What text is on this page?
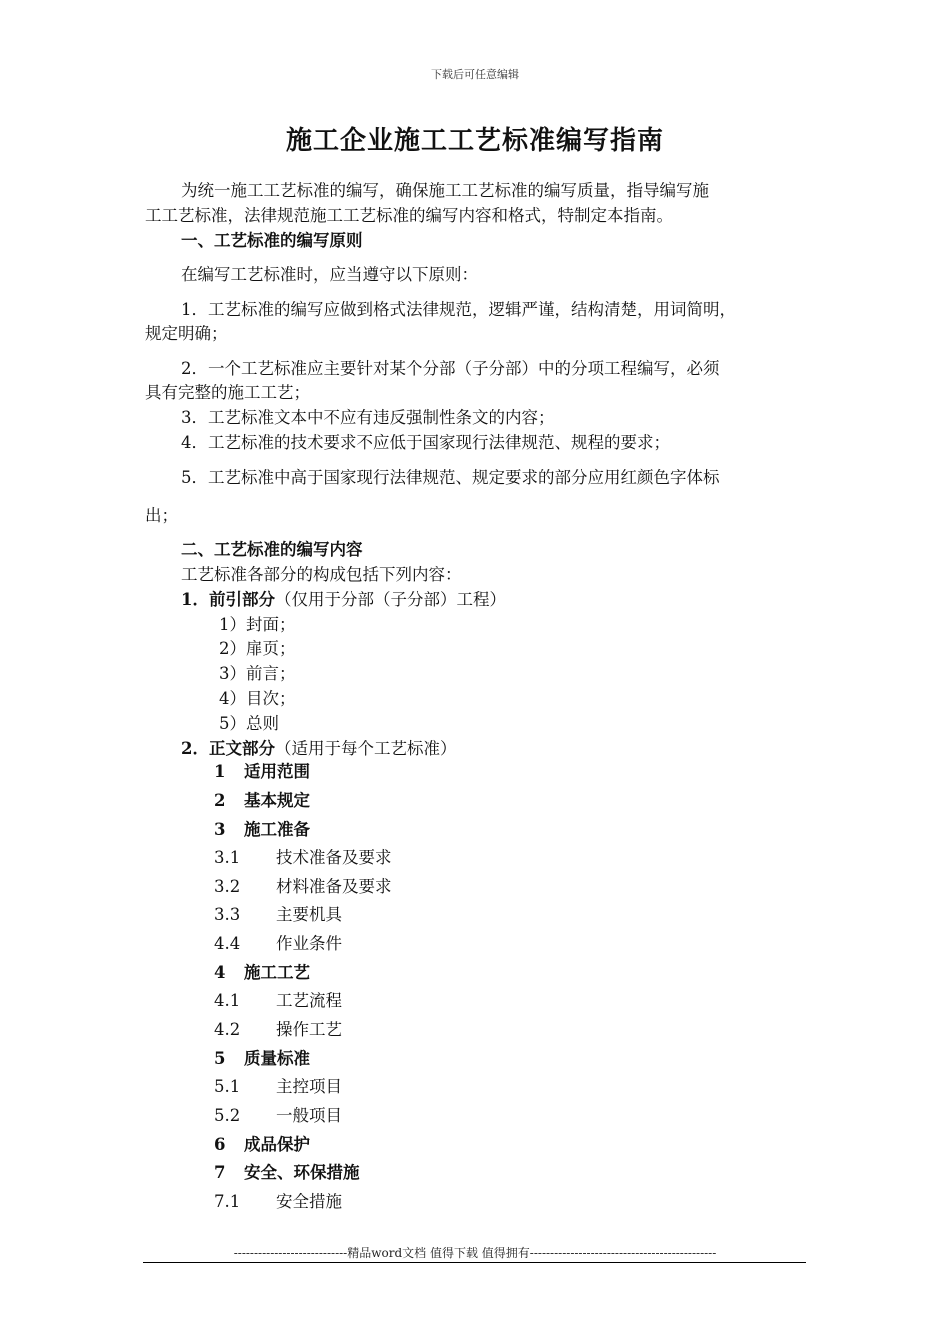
下载后可任意编辑
施工企业施工工艺标准编写指南
为统一施工工艺标准的编写，确保施工工艺标准的编写质量，指导编写施
工工艺标准，法律规范施工工艺标准的编写内容和格式，特制定本指南。
一、工艺标准的编写原则
在编写工艺标准时，应当遵守以下原则：
1．工艺标准的编写应做到格式法律规范，逻辑严谨，结构清楚，用词简明，
规定明确；
2．一个工艺标准应主要针对某个分部（子分部）中的分项工程编写，必须
具有完整的施工工艺；
3．工艺标准文本中不应有违反强制性条文的内容；
4．工艺标准的技术要求不应低于国家现行法律规范、规程的要求；
5．工艺标准中高于国家现行法律规范、规定要求的部分应用红颜色字体标
出；
二、工艺标准的编写内容
工艺标准各部分的构成包括下列内容：
1．前引部分（仅用于分部（子分部）工程）
1）封面；
2）扉页；
3）前言；
4）目次；
5）总则
2．正文部分（适用于每个工艺标准）
1 适用范围
2 基本规定
3 施工准备
3.1 技术准备及要求
3.2 材料准备及要求
3.3 主要机具
4.4 作业条件
4 施工工艺
4.1 工艺流程
4.2 操作工艺
5 质量标准
5.1 主控项目
5.2 一般项目
6 成品保护
7 安全、环保措施
7.1 安全措施
----------------------------精品word文档 值得下载 值得拥有----------------------------------------------
